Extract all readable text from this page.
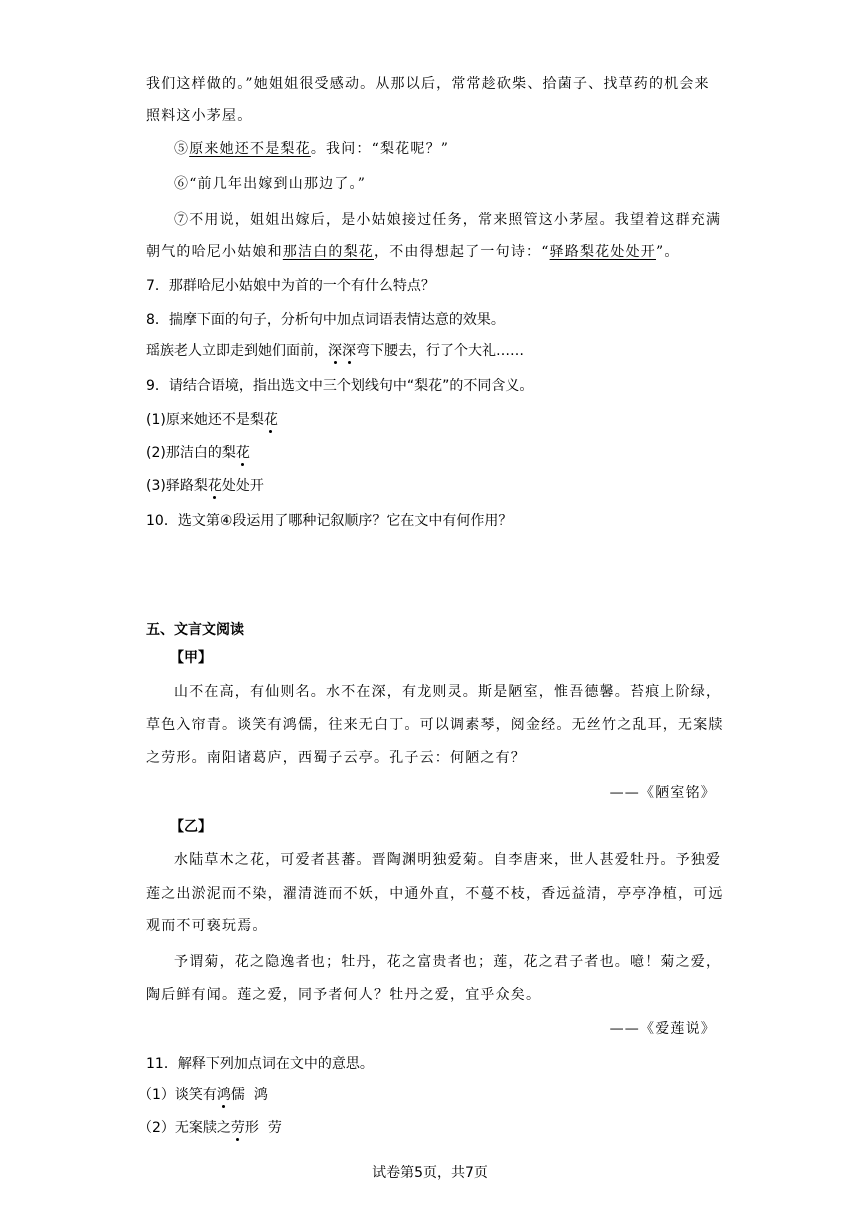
我们这样做的。”她姐姐很受感动。从那以后，常常趁砍柴、拾菌子、找草药的机会来
照料这小茅屋。
⑤原来她还不是梨花。我问：“梨花呢？”
⑥“前几年出嫁到山那边了。”
⑦不用说，姐姐出嫁后，是小姑娘接过任务，常来照管这小茅屋。我望着这群充满
朝气的哈尼小姑娘和那洁白的梨花，不由得想起了一句诗：“驿路梨花处处开”。
7．那群哈尼小姑娘中为首的一个有什么特点？
8．揣摩下面的句子，分析句中加点词语表情达意的效果。
瑶族老人立即走到她们面前，深深弯下腰去，行了个大礼……
9．请结合语境，指出选文中三个划线句中“梨花”的不同含义。
(1)原来她还不是梨花
(2)那洁白的梨花
(3)驿路梨花处处开
10．选文第④段运用了哪种记叙顺序？它在文中有何作用？
五、文言文阅读
【甲】
山不在高，有仙则名。水不在深，有龙则灵。斯是陋室，惟吾德馨。苔痕上阶绿，
草色入帘青。谈笑有鸿儒，往来无白丁。可以调素琴，阅金经。无丝竹之乱耳，无案牍
之劳形。南阳诸葛庐，西蜀子云亭。孔子云：何陋之有？
——《陋室铭》
【乙】
水陆草木之花，可爱者甚蕃。晋陶渊明独爱菊。自李唐来，世人甚爱牡丹。予独爱
莲之出淤泥而不染，濯清涟而不妖，中通外直，不蔓不枝，香远益清，亭亭净植，可远
观而不可亵玩焉。
予谓菊，花之隐逸者也；牡丹，花之富贵者也；莲，花之君子者也。噫！菊之爱，
陶后鲜有闻。莲之爱，同予者何人？牡丹之爱，宜乎众矣。
——《爱莲说》
11．解释下列加点词在文中的意思。
（1）谈笑有鸿儒  鸿
（2）无案牍之劳形  劳
试卷第5页，共7页
